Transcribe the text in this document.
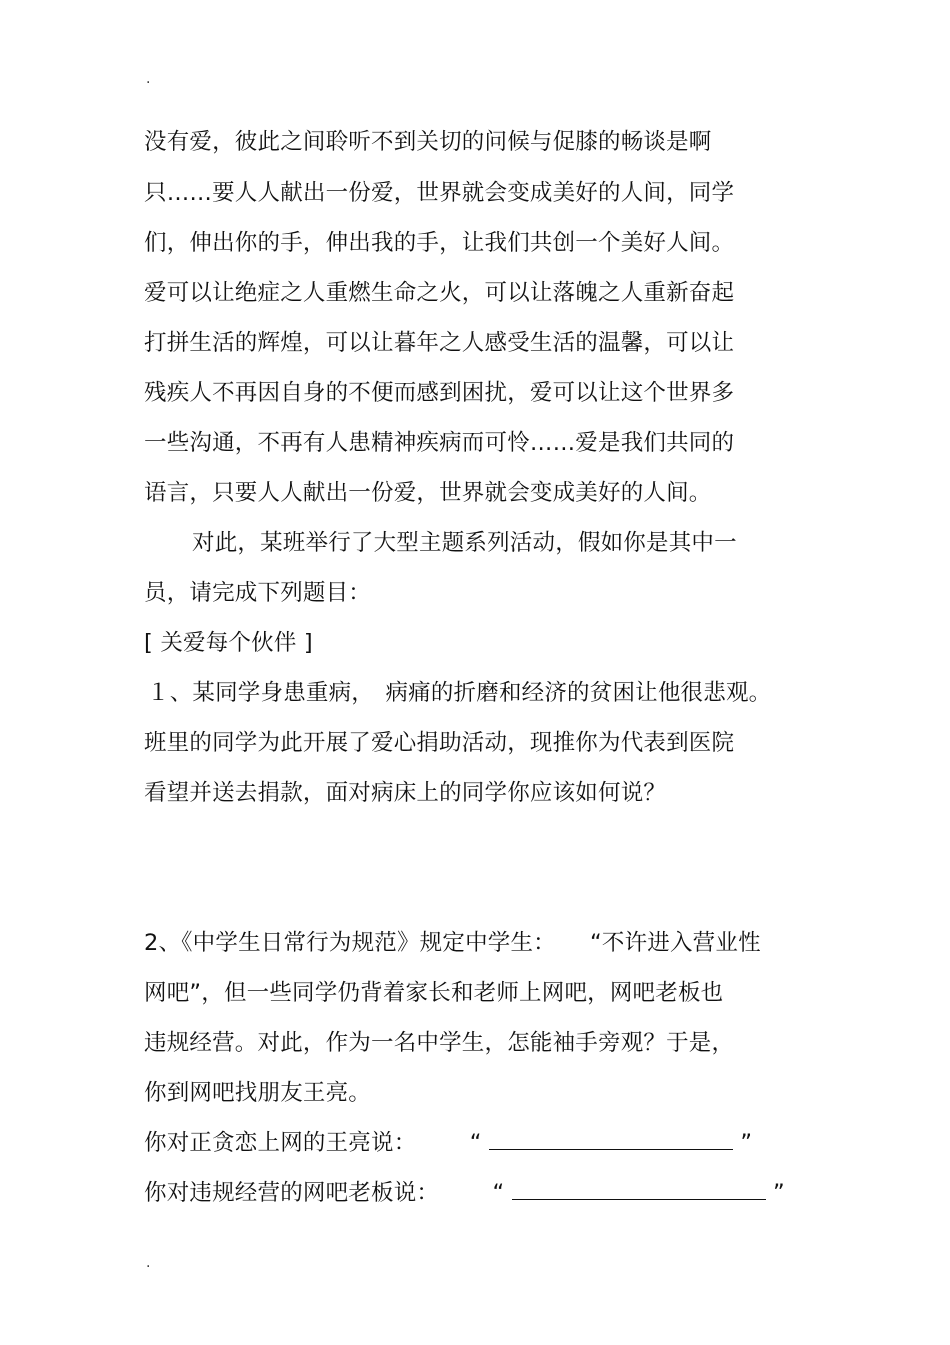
.
没有爱，彼此之间聆听不到关切的问候与促膝的畅谈是啊
只……要人人献出一份爱，世界就会变成美好的人间，同学
们，伸出你的手，伸出我的手，让我们共创一个美好人间。
爱可以让绝症之人重燃生命之火，可以让落魄之人重新奋起
打拼生活的辉煌，可以让暮年之人感受生活的温馨，可以让
残疾人不再因自身的不便而感到困扰，爱可以让这个世界多
一些沟通，不再有人患精神疾病而可怜……爱是我们共同的
语言，只要人人献出一份爱，世界就会变成美好的人间。
对此，某班举行了大型主题系列活动，假如你是其中一
员，请完成下列题目：
[ 关爱每个伙伴 ]
１、某同学身患重病，　病痛的折磨和经济的贫困让他很悲观。
班里的同学为此开展了爱心捐助活动，现推你为代表到医院
看望并送去捐款，面对病床上的同学你应该如何说？
2、《中学生日常行为规范》规定中学生：　　“不许进入营业性
网吧”，但一些同学仍背着家长和老师上网吧，网吧老板也
违规经营。对此，作为一名中学生，怎能袖手旁观？于是，
你到网吧找朋友王亮。
你对正贪恋上网的王亮说： “	”
你对违规经营的网吧老板说： “	”
.
